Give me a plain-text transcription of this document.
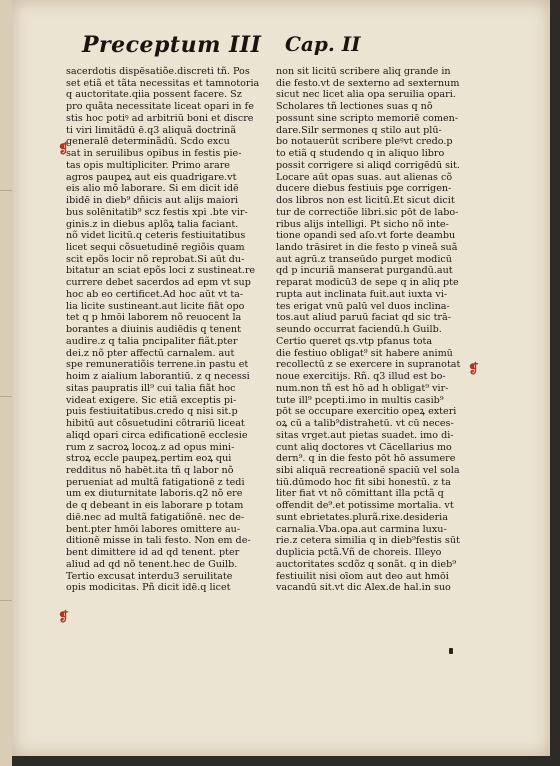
Preceptum III Cap. II
sacerdotis dispēsatiõe.discreti tñ. Pos
set etiã et tãta necessitas et tamnotoria
q auctoritate.qiia possent facere. Sz
pro quãta necessitate liceat opari in fe
stis hoc potiꝰ ad arbitriū boni et discre
ti viri limitãdū ē.q3 aliquã doctrinã
generalē determinãdū. Scdo excu
sat in seruilibus opibus in festis pie-
tas opis multipliciter. Primo arare
agros paupeꝝ aut eis quadrigare.vt
eis alio mõ laborare. Si em dicit idē
ibidē in dieb⁹ dñicis aut alijs maiori
bus solēnitatib⁹ scz festis xpi .bte vir-
ginis.z in diebus aplõꝝ talia faciant.
nõ videt licitū.q ceteris festiuitatibus
licet sequi cõsuetudinē regiõis quam
scit epõs locir nõ reprobat.Si aūt du-
bitatur an sciat epõs loci z sustineat.re
currere debet sacerdos ad epm vt sup
hoc ab eo certificet.Ad hoc aūt vt ta-
lia licite sustineant.aut licite fiãt opo
tet q p hmōi laborem nõ reuocent la
borantes a diuinis audiēdis q tenent
audire.z q talia pncipaliter fiãt.pter
dei.z nõ pter affectū carnalem. aut
spe remuneratiõis terrene.in pastu et
hoim z aialium laborantiū. z q necessi
sitas paupratis ill⁹ cui talia fiãt hoc
videat exigere. Sic etiã exceptis pi-
puis festiuitatibus.credo q nisi sit.p
hibitū aut cõsuetudini cõtrariū liceat
aliqd opari circa edificationē ecclesie
rum z sacroꝝ locoꝝ.z ad opus mini-
stroꝝ eccle paupeꝝ.pertim eoꝝ qui
redditus nõ habēt.ita tñ q labor nõ
perueniat ad multã fatigationē z tedi
um ex diuturnitate laboris.q2 nõ ere
de q debeant in eis laborare p totam
diē.nec ad multã fatigatiõnē. nec de-
bent.pter hmōi labores omittere au-
ditionē misse in tali festo. Non em de-
bent dimittere id ad qd tenent. pter
aliud ad qd nõ tenent.hec de Guilb.
Tertio excusat interdu3 seruilitate
opis modicitas. Pñ dicit idē.q licet
non sit licitū scribere aliq grande in
die festo.vt de sexterno ad sexternum
sicut nec licet alia opa seruilia opari.
Scholares tñ lectiones suas q nõ
possunt sine scripto memoriē comen-
dare.Silr sermones q stilo aut plū-
bo notauerūt scribere pleꝰvt credo.p
to etiã q studendo q in aliquo libro
possit corrigere si aliqd corrigēdū sit.
Locare aūt opas suas. aut alienas cõ
ducere diebus festiuis pꝯe corrigen-
dos libros non est licitū.Et sicut dicit
tur de correctiõe libri.sic pōt de labo-
ribus alijs intelligi. Pt sicho nõ inte-
tione opandi sed aſo.vt forte deambu
lando trāsiret in die festo p vineã suã
aut agrū.z transeūdo purget modicū
qd p incuriã manserat purgandū.aut
reparat modicū3 de sepe q in aliq pte
rupta aut inclinata fuit.aut iuxta vi-
tes erigat vnū palū vel duos inclina-
tos.aut aliud paruū faciat qd sic trā-
seundo occurrat faciendū.h Guilb.
Certio queret qs.vtp pfanus tota
die festiuo obligat⁹ sit habere animū
recollectū z se exercere in supranotat
noue exercitijs. Rñ. q3 illud est bo-
num.non tñ est hō ad h obligat⁹ vir-
tute ill⁹ pcepti.imo in multis casib⁹
pōt se occupare exercitio opeꝝ exteri
oꝝ cū a talib⁹distrahetū. vt cū neces-
sitas vrget.aut pietas suadet. imo di-
cunt aliq doctores vt Cācellarius mo
dern⁹. q in die festo pōt hō assumere
sibi aliquā recreationē spaciū vel sola
tiū.dūmodo hoc fit sibi honestū. z ta
liter fiat vt nõ cōmittant illa pctã q
offendit de⁹.et potissime mortalia. vt
sunt ebrietates.plurã.rixe.desideria
carnalia.Vba.opa.aut carmina luxu-
rie.z cetera similia q in dieb⁹festis sūt
duplicia pctã.Vñ de choreis. Illeyo
auctoritates scdõz q sonãt. q in dieb⁹
festiuilit nisi oīom aut deo aut hmōi
vacandū sit.vt dic Alex.de hal.in suo
❡
❡
❡
